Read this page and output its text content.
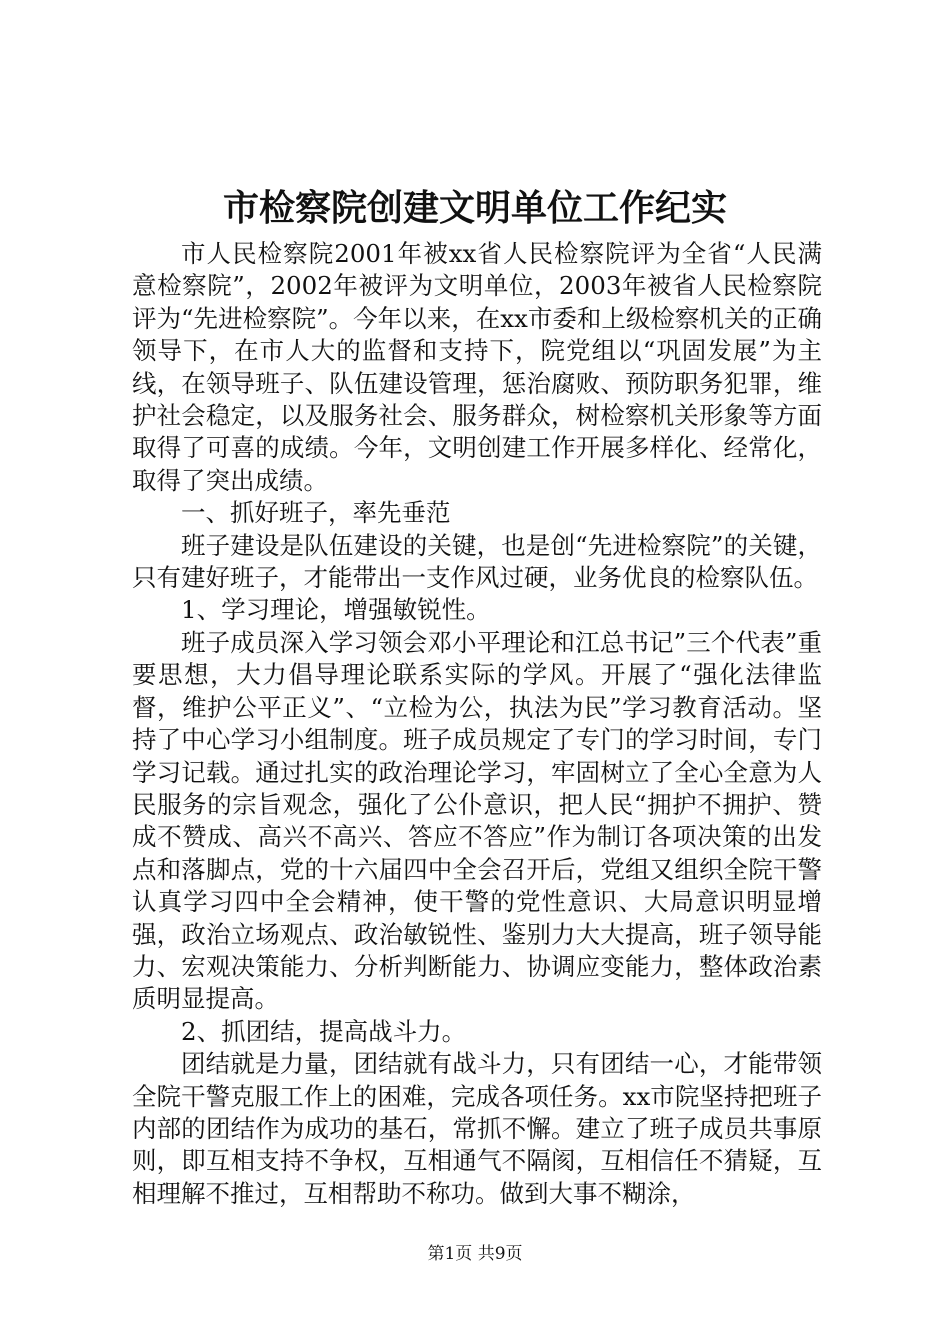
市检察院创建文明单位工作纪实

市人民检察院2001年被xx省人民检察院评为全省“人民满意检察院”，2002年被评为文明单位，2003年被省人民检察院评为“先进检察院”。今年以来，在xx市委和上级检察机关的正确领导下，在市人大的监督和支持下，院党组以“巩固发展”为主线，在领导班子、队伍建设管理，惩治腐败、预防职务犯罪，维护社会稳定，以及服务社会、服务群众，树检察机关形象等方面取得了可喜的成绩。今年，文明创建工作开展多样化、经常化，取得了突出成绩。

一、抓好班子，率先垂范

班子建设是队伍建设的关键，也是创“先进检察院”的关键，只有建好班子，才能带出一支作风过硬，业务优良的检察队伍。

1、学习理论，增强敏锐性。

班子成员深入学习领会邓小平理论和江总书记”三个代表”重要思想，大力倡导理论联系实际的学风。开展了“强化法律监督，维护公平正义”、“立检为公，执法为民”学习教育活动。坚持了中心学习小组制度。班子成员规定了专门的学习时间，专门学习记载。通过扎实的政治理论学习，牢固树立了全心全意为人民服务的宗旨观念，强化了公仆意识，把人民“拥护不拥护、赞成不赞成、高兴不高兴、答应不答应”作为制订各项决策的出发点和落脚点，党的十六届四中全会召开后，党组又组织全院干警认真学习四中全会精神，使干警的党性意识、大局意识明显增强，政治立场观点、政治敏锐性、鉴别力大大提高，班子领导能力、宏观决策能力、分析判断能力、协调应变能力，整体政治素质明显提高。

2、抓团结，提高战斗力。

团结就是力量，团结就有战斗力，只有团结一心，才能带领全院干警克服工作上的困难，完成各项任务。xx市院坚持把班子内部的团结作为成功的基石，常抓不懈。建立了班子成员共事原则，即互相支持不争权，互相通气不隔阂，互相信任不猜疑，互相理解不推过，互相帮助不称功。做到大事不糊涂，

第1页 共9页
